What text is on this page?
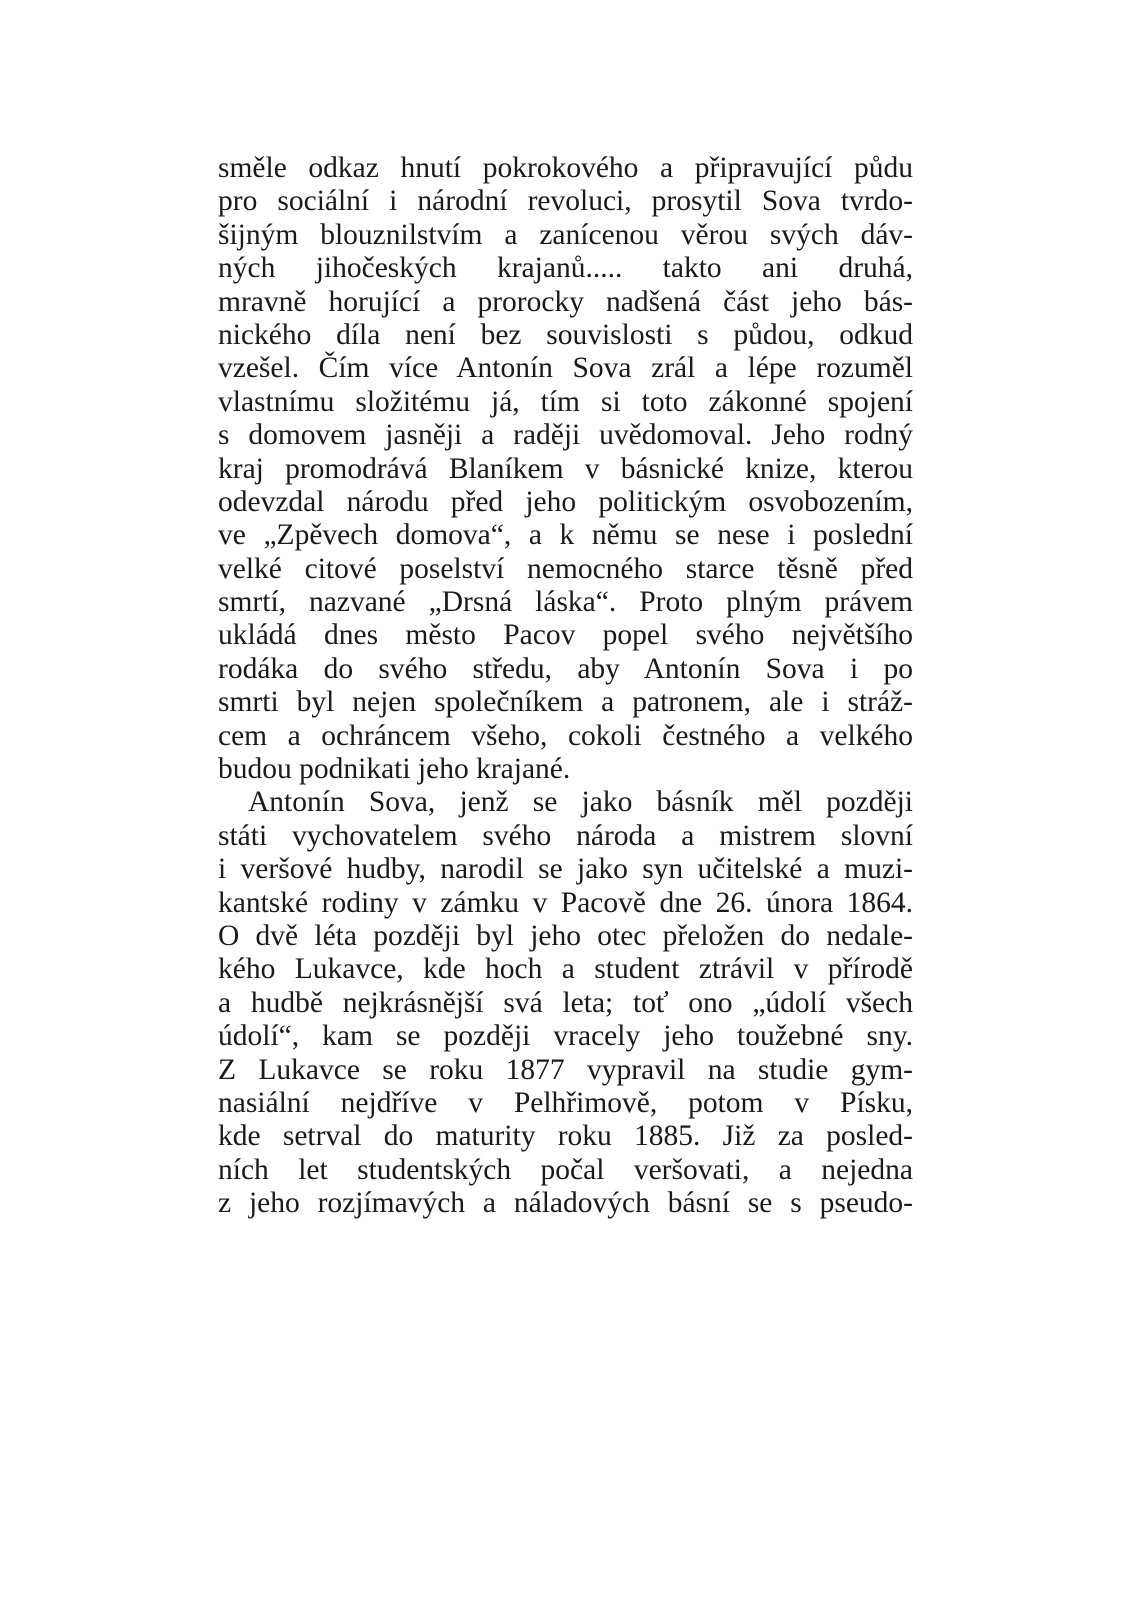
směle odkaz hnutí pokrokového a připravující půdu
pro sociální i národní revoluci, prosytil Sova tvrdo-
šijným blouznilstvím a zanícenou věrou svých dáv-
ných jihočeských krajanů..... takto ani druhá,
mravně horující a prorocky nadšená část jeho bás-
nického díla není bez souvislosti s půdou, odkud
vzešel. Čím více Antonín Sova zrál a lépe rozuměl
vlastnímu složitému já, tím si toto zákonné spojení
s domovem jasněji a raději uvědomoval. Jeho rodný
kraj promodrává Blaníkem v básnické knize, kterou
odevzdal národu před jeho politickým osvobozením,
ve „Zpěvech domova“, a k němu se nese i poslední
velké citové poselství nemocného starce těsně před
smrtí, nazvané „Drsná láska“. Proto plným právem
ukládá dnes město Pacov popel svého největšího
rodáka do svého středu, aby Antonín Sova i po
smrti byl nejen společníkem a patronem, ale i stráž-
cem a ochráncem všeho, cokoli čestného a velkého
budou podnikati jeho krajané.
Antonín Sova, jenž se jako básník měl později
státi vychovatelem svého národa a mistrem slovní
i veršové hudby, narodil se jako syn učitelské a muzi-
kantské rodiny v zámku v Pacově dne 26. února 1864.
O dvě léta později byl jeho otec přeložen do nedale-
kého Lukavce, kde hoch a student ztrávil v přírodě
a hudbě nejkrásnější svá leta; toť ono „údolí všech
údolí“, kam se později vracely jeho toužebné sny.
Z Lukavce se roku 1877 vypravil na studie gym-
nasiální nejdříve v Pelhřimově, potom v Písku,
kde setrval do maturity roku 1885. Již za posled-
ních let studentských počal veršovati, a nejedna
z jeho rozjímavých a náladových básní se s pseudo-
